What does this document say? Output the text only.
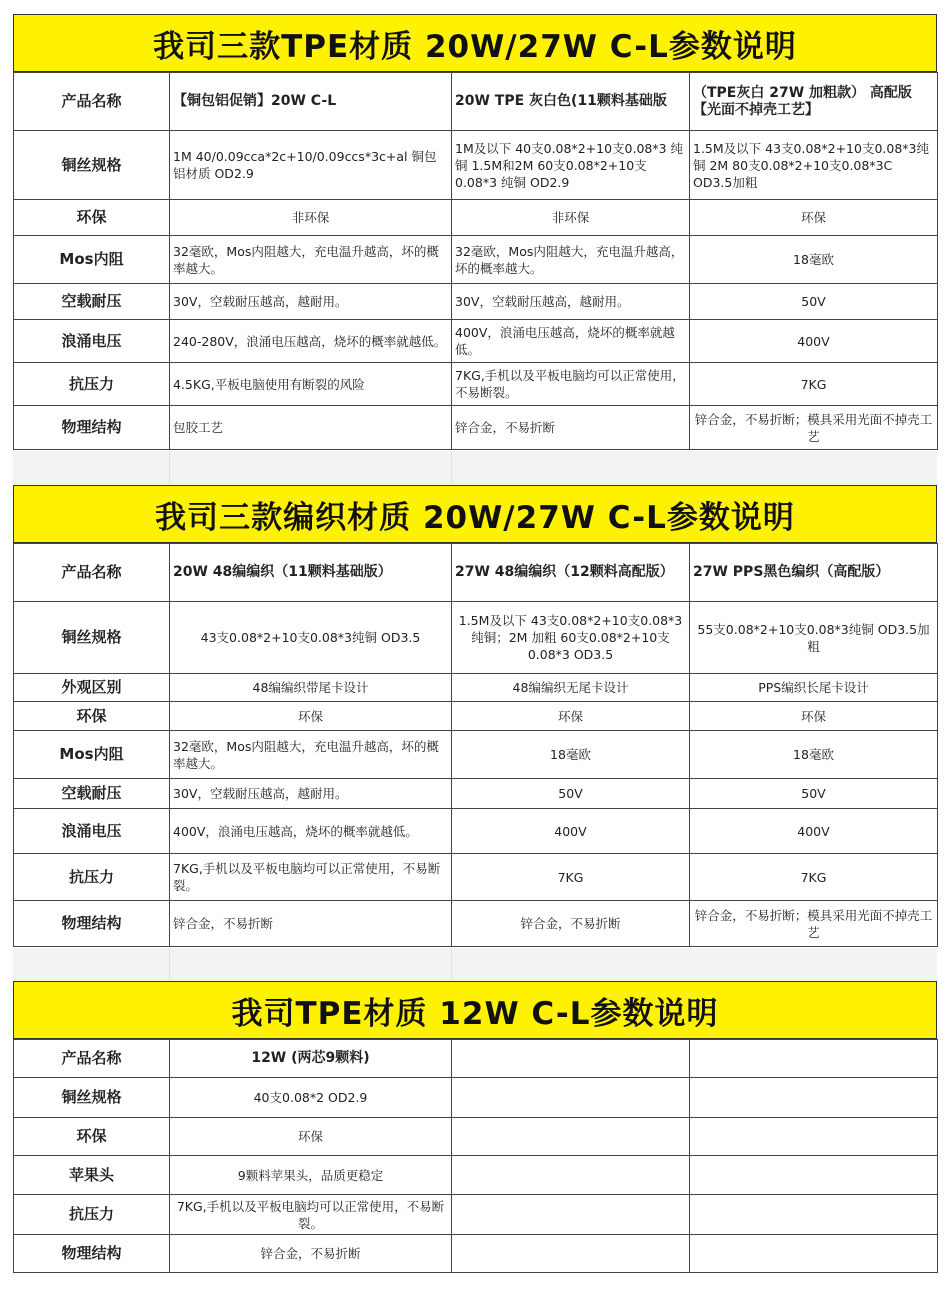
我司三款TPE材质 20W/27W C-L参数说明
产品名称	【铜包铝促销】20W C-L	20W TPE 灰白色(11颗料基础版	（TPE灰白 27W 加粗款） 高配版 【光面不掉壳工艺】
铜丝规格	1M 40/0.09cca*2c+10/0.09ccs*3c+al 铜包铝材质 OD2.9	1M及以下 40支0.08*2+10支0.08*3 纯铜 1.5M和2M 60支0.08*2+10支0.08*3 纯铜 OD2.9	1.5M及以下 43支0.08*2+10支0.08*3纯铜 2M 80支0.08*2+10支0.08*3C OD3.5加粗
环保	非环保	非环保	环保
Mos内阻	32毫欧，Mos内阻越大，充电温升越高，坏的概率越大。	32毫欧，Mos内阻越大，充电温升越高，坏的概率越大。	18毫欧
空载耐压	30V，空载耐压越高，越耐用。	30V，空载耐压越高，越耐用。	50V
浪涌电压	240-280V，浪涌电压越高，烧坏的概率就越低。	400V，浪涌电压越高，烧坏的概率就越低。	400V
抗压力	4.5KG,平板电脑使用有断裂的风险	7KG,手机以及平板电脑均可以正常使用，不易断裂。	7KG
物理结构	包胶工艺	锌合金，不易折断	锌合金，不易折断；模具采用光面不掉壳工艺
我司三款编织材质 20W/27W C-L参数说明
产品名称	20W 48编编织（11颗料基础版）	27W 48编编织（12颗料高配版）	27W PPS黑色编织（高配版）
铜丝规格	43支0.08*2+10支0.08*3纯铜 OD3.5	1.5M及以下 43支0.08*2+10支0.08*3纯铜；2M 加粗 60支0.08*2+10支0.08*3 OD3.5	55支0.08*2+10支0.08*3纯铜 OD3.5加粗
外观区别	48编编织带尾卡设计	48编编织无尾卡设计	PPS编织长尾卡设计
环保	环保	环保	环保
Mos内阻	32毫欧，Mos内阻越大，充电温升越高，坏的概率越大。	18毫欧	18毫欧
空载耐压	30V，空载耐压越高，越耐用。	50V	50V
浪涌电压	400V，浪涌电压越高，烧坏的概率就越低。	400V	400V
抗压力	7KG,手机以及平板电脑均可以正常使用，不易断裂。	7KG	7KG
物理结构	锌合金，不易折断	锌合金，不易折断	锌合金，不易折断；模具采用光面不掉壳工艺
我司TPE材质 12W C-L参数说明
产品名称	12W (两芯9颗料)		
铜丝规格	40支0.08*2 OD2.9		
环保	环保		
苹果头	9颗料苹果头，品质更稳定		
抗压力	7KG,手机以及平板电脑均可以正常使用，不易断裂。		
物理结构	锌合金，不易折断		
